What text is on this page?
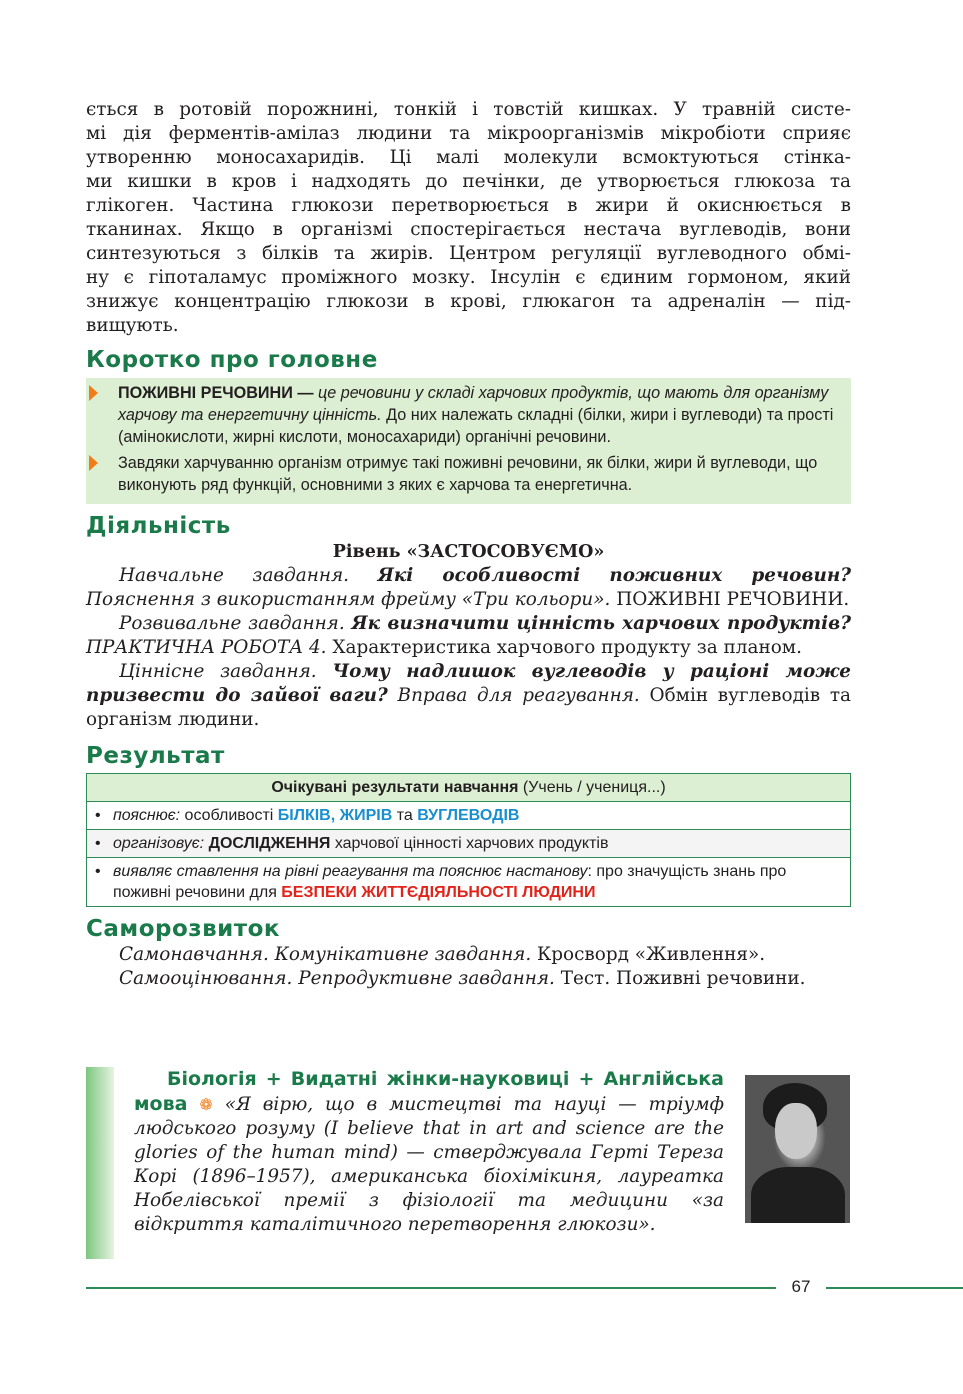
ється в ротовій порожнині, тонкій і товстій кишках. У травній систе-
мі дія ферментів-амілаз людини та мікроорганізмів мікробіоти сприяє
утворенню моносахаридів. Ці малі молекули всмоктуються стінка-
ми кишки в кров і надходять до печінки, де утворюється глюкоза та
глікоген. Частина глюкози перетворюється в жири й окиснюється в
тканинах. Якщо в організмі спостерігається нестача вуглеводів, вони
синтезуються з білків та жирів. Центром регуляції вуглеводного обмі-
ну є гіпоталамус проміжного мозку. Інсулін є єдиним гормоном, який
знижує концентрацію глюкози в крові, глюкагон та адреналін — під-
вищують.
Коротко про головне
ПОЖИВНІ РЕЧОВИНИ — це речовини у складі харчових продуктів, що мають для організму харчову та енергетичну цінність. До них належать складні (білки, жири і вуглеводи) та прості (амінокислоти, жирні кислоти, моносахариди) органічні речовини.
Завдяки харчуванню організм отримує такі поживні речовини, як білки, жири й вуглеводи, що виконують ряд функцій, основними з яких є харчова та енергетична.
Діяльність
Рівень «ЗАСТОСОВУЄМО»
Навчальне завдання. Які особливості поживних речовин? Пояснення з використанням фрейму «Три кольори». ПОЖИВНІ РЕЧОВИНИ.
Розвивальне завдання. Як визначити цінність харчових продуктів? ПРАКТИЧНА РОБОТА 4. Характеристика харчового продукту за планом.
Ціннісне завдання. Чому надлишок вуглеводів у раціоні може призвести до зайвої ваги? Вправа для реагування. Обмін вуглеводів та організм людини.
Результат
Очікувані результати навчання (Учень / учениця...)

• пояснює: особливості БІЛКІВ, ЖИРІВ та ВУГЛЕВОДІВ

• організовує: ДОСЛІДЖЕННЯ харчової цінності харчових продуктів

• виявляє ставлення на рівні реагування та пояснює настанову: про значущість знань про поживні речовини для БЕЗПЕКИ ЖИТТЄДІЯЛЬНОСТІ ЛЮДИНИ
Саморозвиток
Самонавчання. Комунікативне завдання. Кросворд «Живлення».
Самооцінювання. Репродуктивне завдання. Тест. Поживні речовини.
Біологія + Видатні жінки-науковиці + Англійська мова ❁ «Я вірю, що в мистецтві та науці — тріумф людського розуму (I believe that in art and science are the glories of the human mind) — стверджувала Герті Тереза Корі (1896–1957), американська біохімікиня, лауреатка Нобелівської премії з фізіології та медицини «за відкриття каталітичного перетворення глюкози».
67
